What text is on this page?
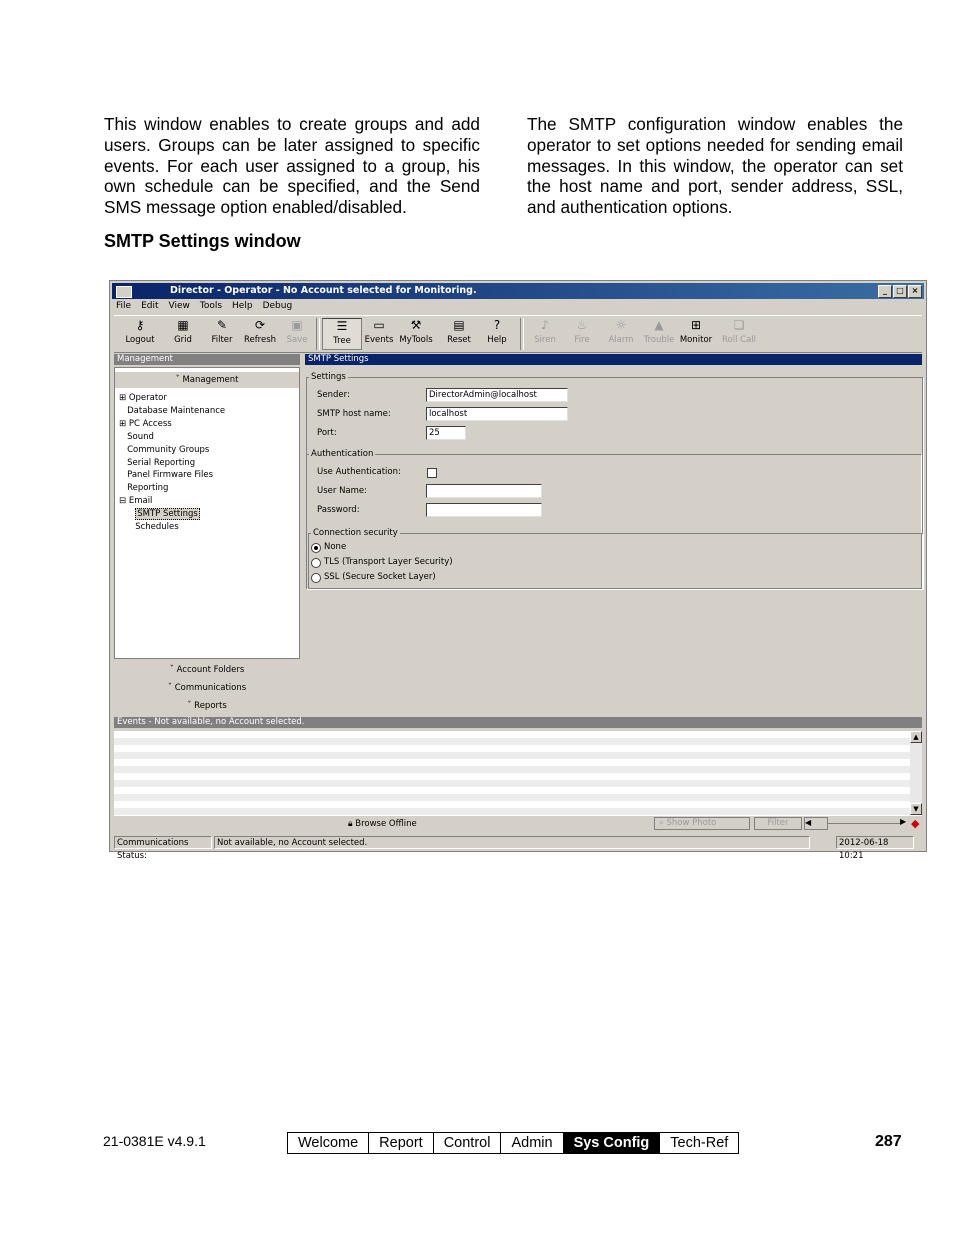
This window enables to create groups and add users. Groups can be later assigned to specific events. For each user assigned to a group, his own schedule can be specified, and the Send SMS message option enabled/disabled.
The SMTP configuration window enables the operator to set options needed for sending email messages. In this window, the operator can set the host name and port, sender address, SSL, and authentication options.
SMTP Settings window
Director - Operator - No Account selected for Monitoring.	_	□ ×
File Edit View Tools Help Debug
⚷
Logout
▦
Grid
✎
Filter
⟳
Refresh
▣
Save
☰
Tree
▭
Events
⚒
MyTools
▤
Reset
?
Help
♪
Siren
♨
Fire
☼
Alarm
▲
Trouble
⊞
Monitor
❏
Roll Call
Management
ˇ Management
⊞ Operator
Database Maintenance
⊞ PC Access
Sound
Community Groups
Serial Reporting
Panel Firmware Files
Reporting
⊟ Email
SMTP Settings
Schedules
ˇ Account Folders
ˇ Communications
ˇ Reports
SMTP Settings
Settings
Sender:	DirectorAdmin@localhost
SMTP host name:	localhost
Port:	25
Authentication
Use Authentication:
User Name:
Password:
Connection security
None
TLS (Transport Layer Security)
SSL (Secure Socket Layer)
Events - Not available, no Account selected.
▲
▼
🔒︎ Browse Offline	⌕ Show Photo	Filter	◀	▶ ◆
Communications Status:
Not available, no Account selected.	2012-06-18 10:21
21-0381E v4.9.1	Welcome	Report	Control	Admin	Sys Config	Tech-Ref	287
